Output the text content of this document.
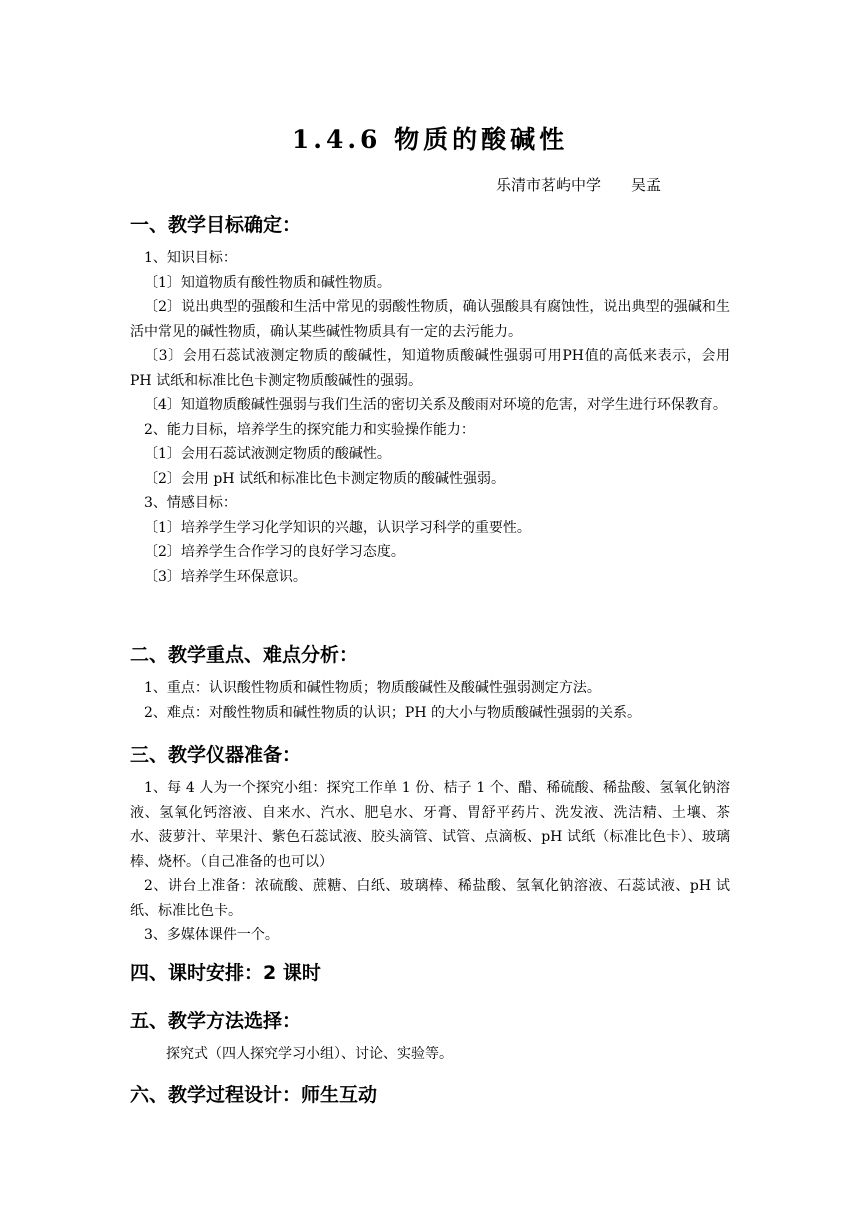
1.4.6 物质的酸碱性
乐清市茗屿中学　　吴孟
一、教学目标确定：

1、知识目标：

〔1〕知道物质有酸性物质和碱性物质。

〔2〕说出典型的强酸和生活中常见的弱酸性物质，确认强酸具有腐蚀性，说出典型的强碱和生活中常见的碱性物质，确认某些碱性物质具有一定的去污能力。

〔3〕会用石蕊试液测定物质的酸碱性，知道物质酸碱性强弱可用PH值的高低来表示，会用 PH 试纸和标准比色卡测定物质酸碱性的强弱。

〔4〕知道物质酸碱性强弱与我们生活的密切关系及酸雨对环境的危害，对学生进行环保教育。

2、能力目标，培养学生的探究能力和实验操作能力：

〔1〕会用石蕊试液测定物质的酸碱性。

〔2〕会用 pH 试纸和标准比色卡测定物质的酸碱性强弱。

3、情感目标：

〔1〕培养学生学习化学知识的兴趣，认识学习科学的重要性。

〔2〕培养学生合作学习的良好学习态度。

〔3〕培养学生环保意识。

二、教学重点、难点分析：

1、重点：认识酸性物质和碱性物质；物质酸碱性及酸碱性强弱测定方法。

2、难点：对酸性物质和碱性物质的认识；PH 的大小与物质酸碱性强弱的关系。

三、教学仪器准备：

1、每 4 人为一个探究小组：探究工作单 1 份、桔子 1 个、醋、稀硫酸、稀盐酸、氢氧化钠溶液、氢氧化钙溶液、自来水、汽水、肥皂水、牙膏、胃舒平药片、洗发液、洗洁精、土壤、茶水、菠萝汁、苹果汁、紫色石蕊试液、胶头滴管、试管、点滴板、pH 试纸（标准比色卡）、玻璃棒、烧杯。（自己准备的也可以）

2、讲台上准备：浓硫酸、蔗糖、白纸、玻璃棒、稀盐酸、氢氧化钠溶液、石蕊试液、pH 试纸、标准比色卡。

3、多媒体课件一个。

四、课时安排：2 课时
五、教学方法选择：

探究式（四人探究学习小组）、讨论、实验等。

六、教学过程设计：师生互动
